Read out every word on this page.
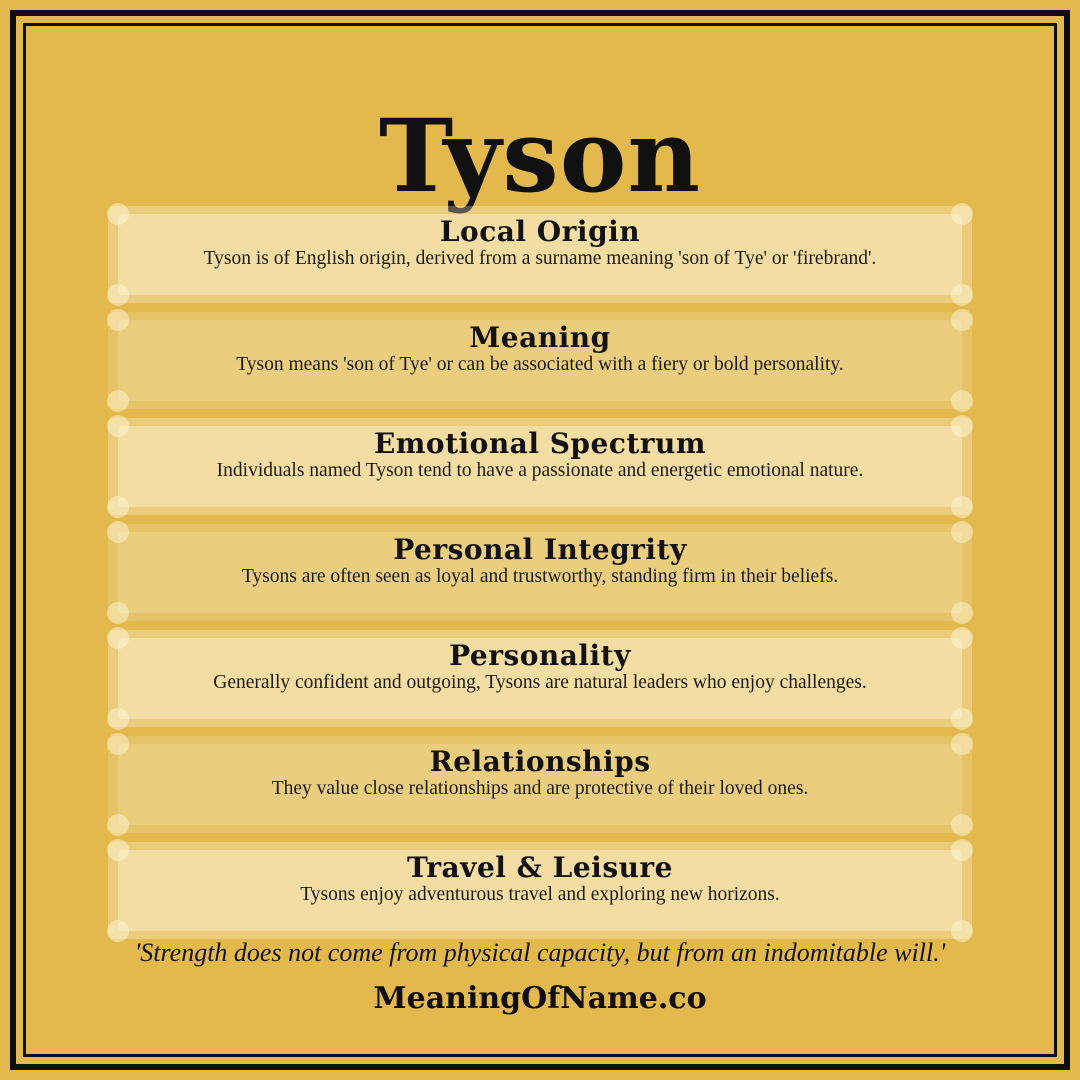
Tyson
Local Origin

Tyson is of English origin, derived from a surname meaning 'son of Tye' or 'firebrand'.

Meaning

Tyson means 'son of Tye' or can be associated with a fiery or bold personality.

Emotional Spectrum

Individuals named Tyson tend to have a passionate and energetic emotional nature.

Personal Integrity

Tysons are often seen as loyal and trustworthy, standing firm in their beliefs.

Personality

Generally confident and outgoing, Tysons are natural leaders who enjoy challenges.

Relationships

They value close relationships and are protective of their loved ones.

Travel & Leisure

Tysons enjoy adventurous travel and exploring new horizons.

'Strength does not come from physical capacity, but from an indomitable will.'
MeaningOfName.co
